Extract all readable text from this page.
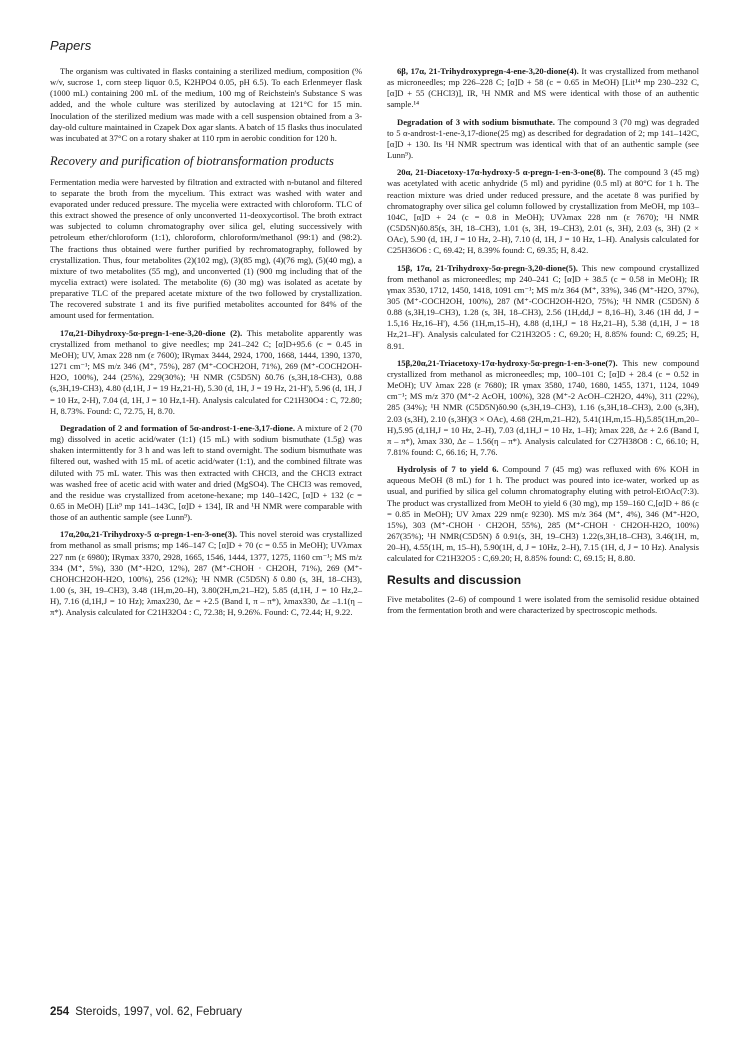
Papers

The organism was cultivated in flasks containing a sterilized medium, composition (% w/v, sucrose 1, corn steep liquor 0.5, K2HPO4 0.05, pH 6.5). To each Erlenmeyer flask (1000 mL) containing 200 mL of the medium, 100 mg of Reichstein's Substance S was added, and the whole culture was sterilized by autoclaving at 121°C for 15 min. Inoculation of the sterilized medium was made with a cell suspension obtained from a 3-day-old culture maintained in Czapek Dox agar slants. A batch of 15 flasks thus inoculated was incubated at 37°C on a rotary shaker at 110 rpm in aerobic condition for 120 h.

Recovery and purification of biotransformation products

Fermentation media were harvested by filtration and extracted with n-butanol and filtered to separate the broth from the mycelium. This extract was washed with water and evaporated under reduced pressure. The mycelia were extracted with chloroform. TLC of this extract showed the presence of only unconverted 11-deoxycortisol. The broth extract was subjected to column chromatography over silica gel, eluting successively with petroleum ether/chloroform (1:1), chloroform, chloroform/methanol (99:1) and (98:2). The fractions thus obtained were further purified by rechromatography, followed by crystallization. Thus, four metabolites (2)(102 mg), (3)(85 mg), (4)(76 mg), (5)(40 mg), a mixture of two metabolites (55 mg), and unconverted (1) (900 mg including that of the mycelia extract) were isolated. The metabolite (6) (30 mg) was isolated as acetate by preparative TLC of the prepared acetate mixture of the two followed by crystallization. The recovered substrate 1 and its five purified metabolites accounted for 84% of the amount used for fermentation.

17α,21-Dihydroxy-5α-pregn-1-ene-3,20-dione (2). This metabolite apparently was crystallized from methanol to give needles; mp 241–242 C; [α]D+95.6 (c = 0.45 in MeOH); UV, λmax 228 nm (ε 7600); IRγmax 3444, 2924, 1700, 1668, 1444, 1390, 1370, 1271 cm⁻¹; MS m/z 346 (M⁺, 75%), 287 (M⁺-COCH2OH, 71%), 269 (M⁺-COCH2OH-H2O, 100%), 244 (25%), 229(30%); ¹H NMR (C5D5N) δ0.76 (s,3H,18-CH3), 0.88 (s,3H,19-CH3), 4.80 (d,1H, J = 19 Hz,21-H), 5.30 (d, 1H, J = 19 Hz, 21-H'), 5.96 (d, 1H, J = 10 Hz, 2-H), 7.04 (d, 1H, J = 10 Hz,1-H). Analysis calculated for C21H30O4 : C, 72.80; H, 8.73%. Found: C, 72.75, H, 8.70.

Degradation of 2 and formation of 5α-androst-1-ene-3,17-dione. A mixture of 2 (70 mg) dissolved in acetic acid/water (1:1) (15 mL) with sodium bismuthate (1.5g) was shaken intermittently for 3 h and was left to stand overnight. The sodium bismuthate was filtered out, washed with 15 mL of acetic acid/water (1:1), and the combined filtrate was diluted with 75 mL water. This was then extracted with CHCl3, and the CHCl3 extract was washed free of acetic acid with water and dried (MgSO4). The CHCl3 was removed, and the residue was crystallized from acetone-hexane; mp 140–142C, [α]D + 132 (c = 0.65 in MeOH) [Lit⁹ mp 141–143C, [α]D + 134], IR and ¹H NMR were comparable with those of an authentic sample (see Lunn⁹).

17α,20α,21-Trihydroxy-5 α-pregn-1-en-3-one(3). This novel steroid was crystallized from methanol as small prisms; mp 146–147 C; [α]D + 70 (c = 0.55 in MeOH); UVλmax 227 nm (ε 6980); IRγmax 3370, 2928, 1665, 1546, 1444, 1377, 1275, 1160 cm⁻¹; MS m/z 334 (M⁺, 5%), 330 (M⁺-H2O, 12%), 287 (M⁺-CHOH · CH2OH, 71%), 269 (M⁺-CHOHCH2OH-H2O, 100%), 256 (12%); ¹H NMR (C5D5N) δ 0.80 (s, 3H, 18–CH3), 1.00 (s, 3H, 19–CH3), 3.48 (1H,m,20–H), 3.80(2H,m,21–H2), 5.85 (d,1H, J = 10 Hz,2–H), 7.16 (d,1H,J = 10 Hz); λmax230, Δε = +2.5 (Band I, π – π*), λmax330, Δε –1.1(η – π*). Analysis calculated for C21H32O4 : C, 72.38; H, 9.26%. Found: C, 72.44; H, 9.22.

6β, 17α, 21-Trihydroxypregn-4-ene-3,20-dione(4). It was crystallized from methanol as microneedles; mp 226–228 C; [α]D + 58 (c = 0.65 in MeOH) [Lit¹⁴ mp 230–232 C, [α]D + 55 (CHCl3)], IR, ¹H NMR and MS were identical with those of an authentic sample.¹⁴

Degradation of 3 with sodium bismuthate. The compound 3 (70 mg) was degraded to 5 α-androst-1-ene-3,17-dione(25 mg) as described for degradation of 2; mp 141–142C, [α]D + 130. Its ¹H NMR spectrum was identical with that of an authentic sample (see Lunn⁹).

20α, 21-Diacetoxy-17α-hydroxy-5 α-pregn-1-en-3-one(8). The compound 3 (45 mg) was acetylated with acetic anhydride (5 ml) and pyridine (0.5 ml) at 80°C for 1 h. The reaction mixture was dried under reduced pressure, and the acetate 8 was purified by chromatography over silica gel column followed by crystallization from MeOH, mp 103–104C, [α]D + 24 (c = 0.8 in MeOH); UVλmax 228 nm (ε 7670); ¹H NMR (C5D5N)δ0.85(s, 3H, 18–CH3), 1.01 (s, 3H, 19–CH3), 2.01 (s, 3H), 2.03 (s, 3H) (2 × OAc), 5.90 (d, 1H, J = 10 Hz, 2–H), 7.10 (d, 1H, J = 10 Hz, 1–H). Analysis calculated for C25H36O6 : C, 69.42; H, 8.39% found: C, 69.35; H, 8.42.

15β, 17α, 21-Trihydroxy-5α-pregn-3,20-dione(5). This new compound crystallized from methanol as microneedles; mp 240–241 C; [α]D + 38.5 (c = 0.58 in MeOH); IR γmax 3530, 1712, 1450, 1418, 1091 cm⁻¹; MS m/z 364 (M⁺, 33%), 346 (M⁺-H2O, 37%), 305 (M⁺-COCH2OH, 100%), 287 (M⁺-COCH2OH-H2O, 75%); ¹H NMR (C5D5N) δ 0.88 (s,3H,19–CH3), 1.28 (s, 3H, 18–CH3), 2.56 (1H,dd,J = 8,16–H), 3.46 (1H dd, J = 1.5,16 Hz,16–H'), 4.56 (1H,m,15–H), 4.88 (d,1H,J = 18 Hz,21–H), 5.38 (d,1H, J = 18 Hz,21–H'). Analysis calculated for C21H32O5 : C, 69.20; H, 8.85% found: C, 69.25; H, 8.91.

15β,20α,21-Triacetoxy-17α-hydroxy-5α-pregn-1-en-3-one(7). This new compound crystallized from methanol as microneedles; mp, 100–101 C; [α]D + 28.4 (c = 0.52 in MeOH); UV λmax 228 (ε 7680); IR γmax 3580, 1740, 1680, 1455, 1371, 1124, 1049 cm⁻¹; MS m/z 370 (M⁺-2 AcOH, 100%), 328 (M⁺-2 AcOH–C2H2O, 44%), 311 (22%), 285 (34%); ¹H NMR (C5D5N)δ0.90 (s,3H,19–CH3), 1.16 (s,3H,18–CH3), 2.00 (s,3H), 2.03 (s,3H), 2.10 (s,3H)(3 × OAc), 4.68 (2H,m,21–H2), 5.41(1H,m,15–H),5.85(1H,m,20–H),5.95 (d,1H,J = 10 Hz, 2–H), 7.03 (d,1H,J = 10 Hz, 1–H); λmax 228, Δε + 2.6 (Band I, π – π*), λmax 330, Δε – 1.56(η – π*). Analysis calculated for C27H38O8 : C, 66.10; H, 7.81% found: C, 66.16; H, 7.76.

Hydrolysis of 7 to yield 6. Compound 7 (45 mg) was refluxed with 6% KOH in aqueous MeOH (8 mL) for 1 h. The product was poured into ice-water, worked up as usual, and purified by silica gel column chromatography eluting with petrol-EtOAc(7:3). The product was crystallized from MeOH to yield 6 (30 mg), mp 159–160 C,[α]D + 86 (c = 0.85 in MeOH); UV λmax 229 nm(ε 9230). MS m/z 364 (M⁺, 4%), 346 (M⁺-H2O, 15%), 303 (M⁺-CHOH · CH2OH, 55%), 285 (M⁺-CHOH · CH2OH-H2O, 100%) 267(35%); ¹H NMR(C5D5N) δ 0.91(s, 3H, 19–CH3) 1.22(s,3H,18–CH3), 3.46(1H, m, 20–H), 4.55(1H, m, 15–H), 5.90(1H, d, J = 10Hz, 2–H), 7.15 (1H, d, J = 10 Hz). Analysis calculated for C21H32O5 : C,69.20; H, 8.85% found: C, 69.15; H, 8.80.

Results and discussion

Five metabolites (2–6) of compound 1 were isolated from the semisolid residue obtained from the fermentation broth and were characterized by spectroscopic methods.

254 Steroids, 1997, vol. 62, February
